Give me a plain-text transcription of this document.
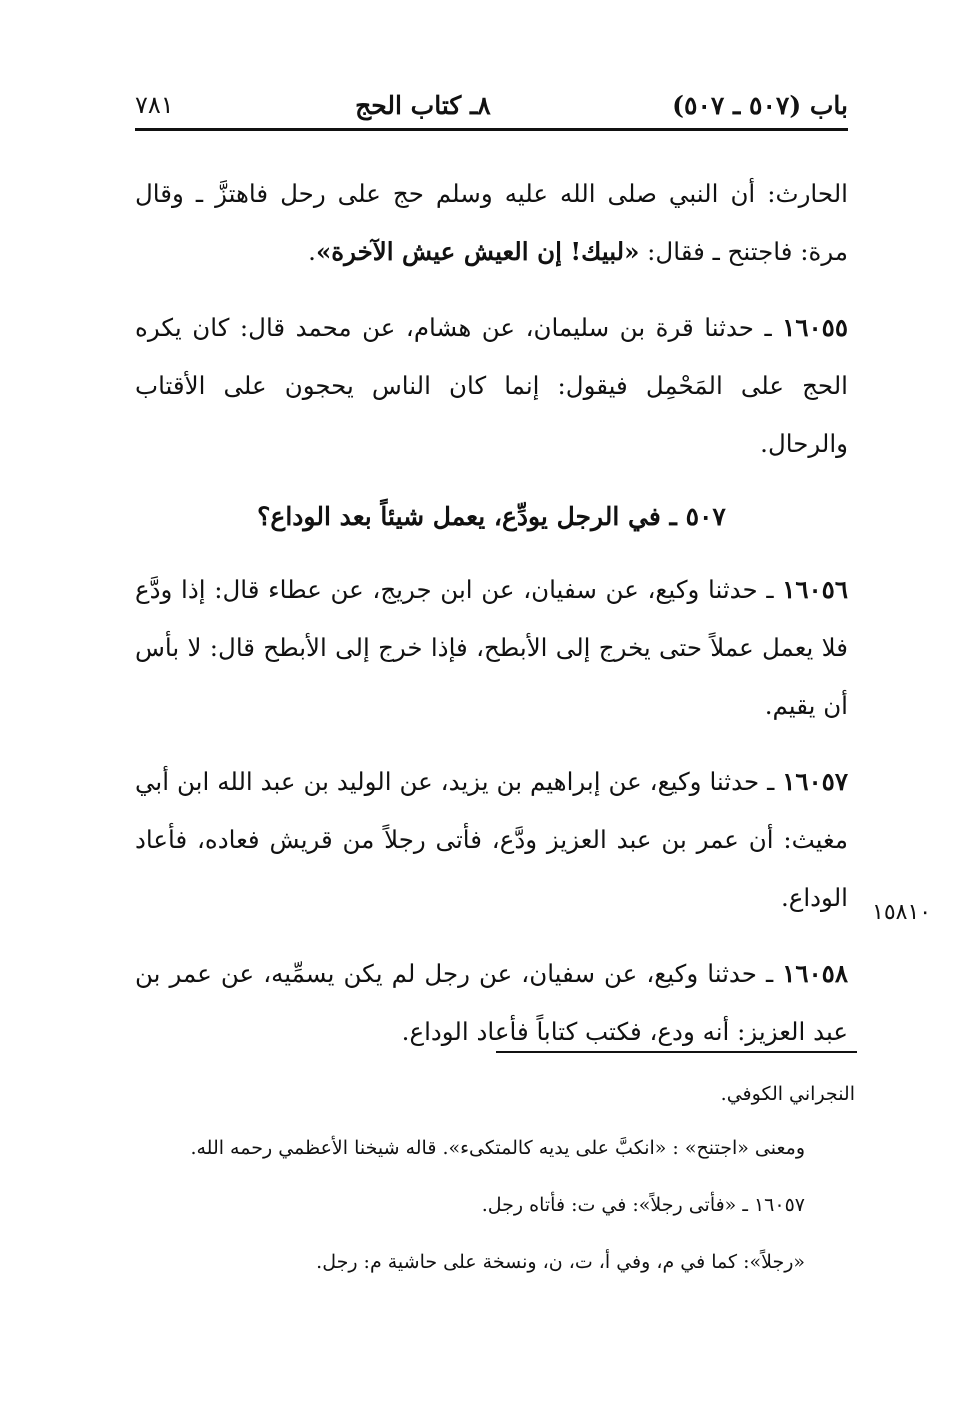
باب (٥٠٧ ـ ٥٠٧)
٨ـ كتاب الحج
٧٨١

الحارث: أن النبي صلى الله عليه وسلم حج على رحل فاهتزَّ ـ وقال مرة: فاجتنح ـ فقال: «لبيك! إن العيش عيش الآخرة».

١٦٠٥٥ ـ حدثنا قرة بن سليمان، عن هشام، عن محمد قال: كان يكره الحج على المَحْمِل فيقول: إنما كان الناس يحجون على الأقتاب والرحال.

٥٠٧ ـ في الرجل يودِّع، يعمل شيئاً بعد الوداع؟

١٦٠٥٦ ـ حدثنا وكيع، عن سفيان، عن ابن جريج، عن عطاء قال: إذا ودَّع فلا يعمل عملاً حتى يخرج إلى الأبطح، فإذا خرج إلى الأبطح قال: لا بأس أن يقيم.

١٦٠٥٧ ـ حدثنا وكيع، عن إبراهيم بن يزيد، عن الوليد بن عبد الله ابن أبي مغيث: أن عمر بن عبد العزيز ودَّع، فأتى رجلاً من قريش فعاده، فأعاد الوداع.

١٦٠٥٨ ـ حدثنا وكيع، عن سفيان، عن رجل لم يكن يسمِّيه، عن عمر بن عبد العزيز: أنه ودع، فكتب كتاباً فأعاد الوداع.

١٥٨١٠
النجراني الكوفي.
ومعنى «اجتنح» : «انكبَّ على يديه كالمتكىء». قاله شيخنا الأعظمي رحمه الله.
١٦٠٥٧ ـ «فأتى رجلاً»: في ت: فأتاه رجل.
«رجلاً»: كما في م، وفي أ، ت، ن، ونسخة على حاشية م: رجل.
